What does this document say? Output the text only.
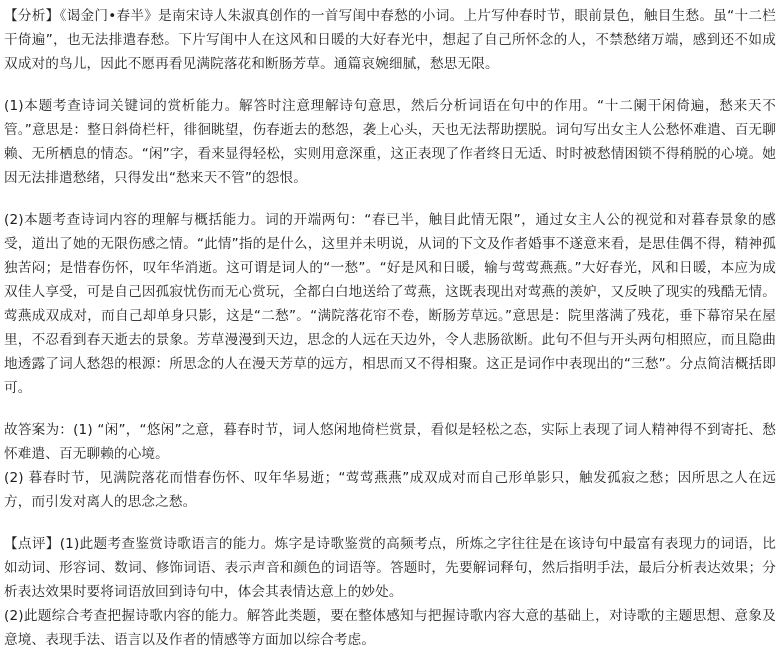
【分析】《谒金门•春半》是南宋诗人朱淑真创作的一首写闺中春愁的小词。上片写仲春时节，眼前景色，触目生愁。虽“十二栏干倚遍”，也无法排遣春愁。下片写闺中人在这风和日暖的大好春光中，想起了自己所怀念的人，不禁愁绪万端，感到还不如成双成对的鸟儿，因此不愿再看见满院落花和断肠芳草。通篇哀婉细腻，愁思无限。

(1)本题考查诗词关键词的赏析能力。解答时注意理解诗句意思，然后分析词语在句中的作用。“十二阑干闲倚遍，愁来天不管。”意思是：整日斜倚栏杆，徘徊眺望，伤春逝去的愁怨，袭上心头，天也无法帮助摆脱。词句写出女主人公愁怀难遣、百无聊赖、无所栖息的情态。“闲”字，看来显得轻松，实则用意深重，这正表现了作者终日无适、时时被愁情困锁不得稍脱的心境。她因无法排遣愁绪，只得发出“愁来天不管”的怨恨。

(2)本题考查诗词内容的理解与概括能力。词的开端两句：“春已半，触目此情无限”，通过女主人公的视觉和对暮春景象的感受，道出了她的无限伤感之情。“此情”指的是什么，这里并未明说，从词的下文及作者婚事不遂意来看，是思佳偶不得，精神孤独苦闷；是惜春伤怀，叹年华消逝。这可谓是词人的“一愁”。“好是风和日暖，输与莺莺燕燕。”大好春光，风和日暖，本应为成双佳人享受，可是自己因孤寂忧伤而无心赏玩，全都白白地送给了莺燕，这既表现出对莺燕的羡妒，又反映了现实的残酷无情。莺燕成双成对，而自己却单身只影，这是“二愁”。“满院落花帘不卷，断肠芳草远。”意思是：院里落满了残花，垂下幕帘呆在屋里，不忍看到春天逝去的景象。芳草漫漫到天边，思念的人远在天边外，令人悲肠欲断。此句不但与开头两句相照应，而且隐曲地透露了词人愁怨的根源：所思念的人在漫天芳草的远方，相思而又不得相聚。这正是词作中表现出的“三愁”。分点简洁概括即可。

故答案为：(1) “闲”，“悠闲”之意，暮春时节，词人悠闲地倚栏赏景，看似是轻松之态，实际上表现了词人精神得不到寄托、愁怀难遣、百无聊赖的心境。

(2) 暮春时节，见满院落花而惜春伤怀、叹年华易逝；“莺莺燕燕”成双成对而自己形单影只，触发孤寂之愁；因所思之人在远方，而引发对离人的思念之愁。

【点评】(1)此题考查鉴赏诗歌语言的能力。炼字是诗歌鉴赏的高频考点，所炼之字往往是在该诗句中最富有表现力的词语，比如动词、形容词、数词、修饰词语、表示声音和颜色的词语等。答题时，先要解词释句，然后指明手法，最后分析表达效果；分析表达效果时要将词语放回到诗句中，体会其表情达意上的妙处。

(2)此题综合考查把握诗歌内容的能力。解答此类题，要在整体感知与把握诗歌内容大意的基础上，对诗歌的主题思想、意象及意境、表现手法、语言以及作者的情感等方面加以综合考虑。
